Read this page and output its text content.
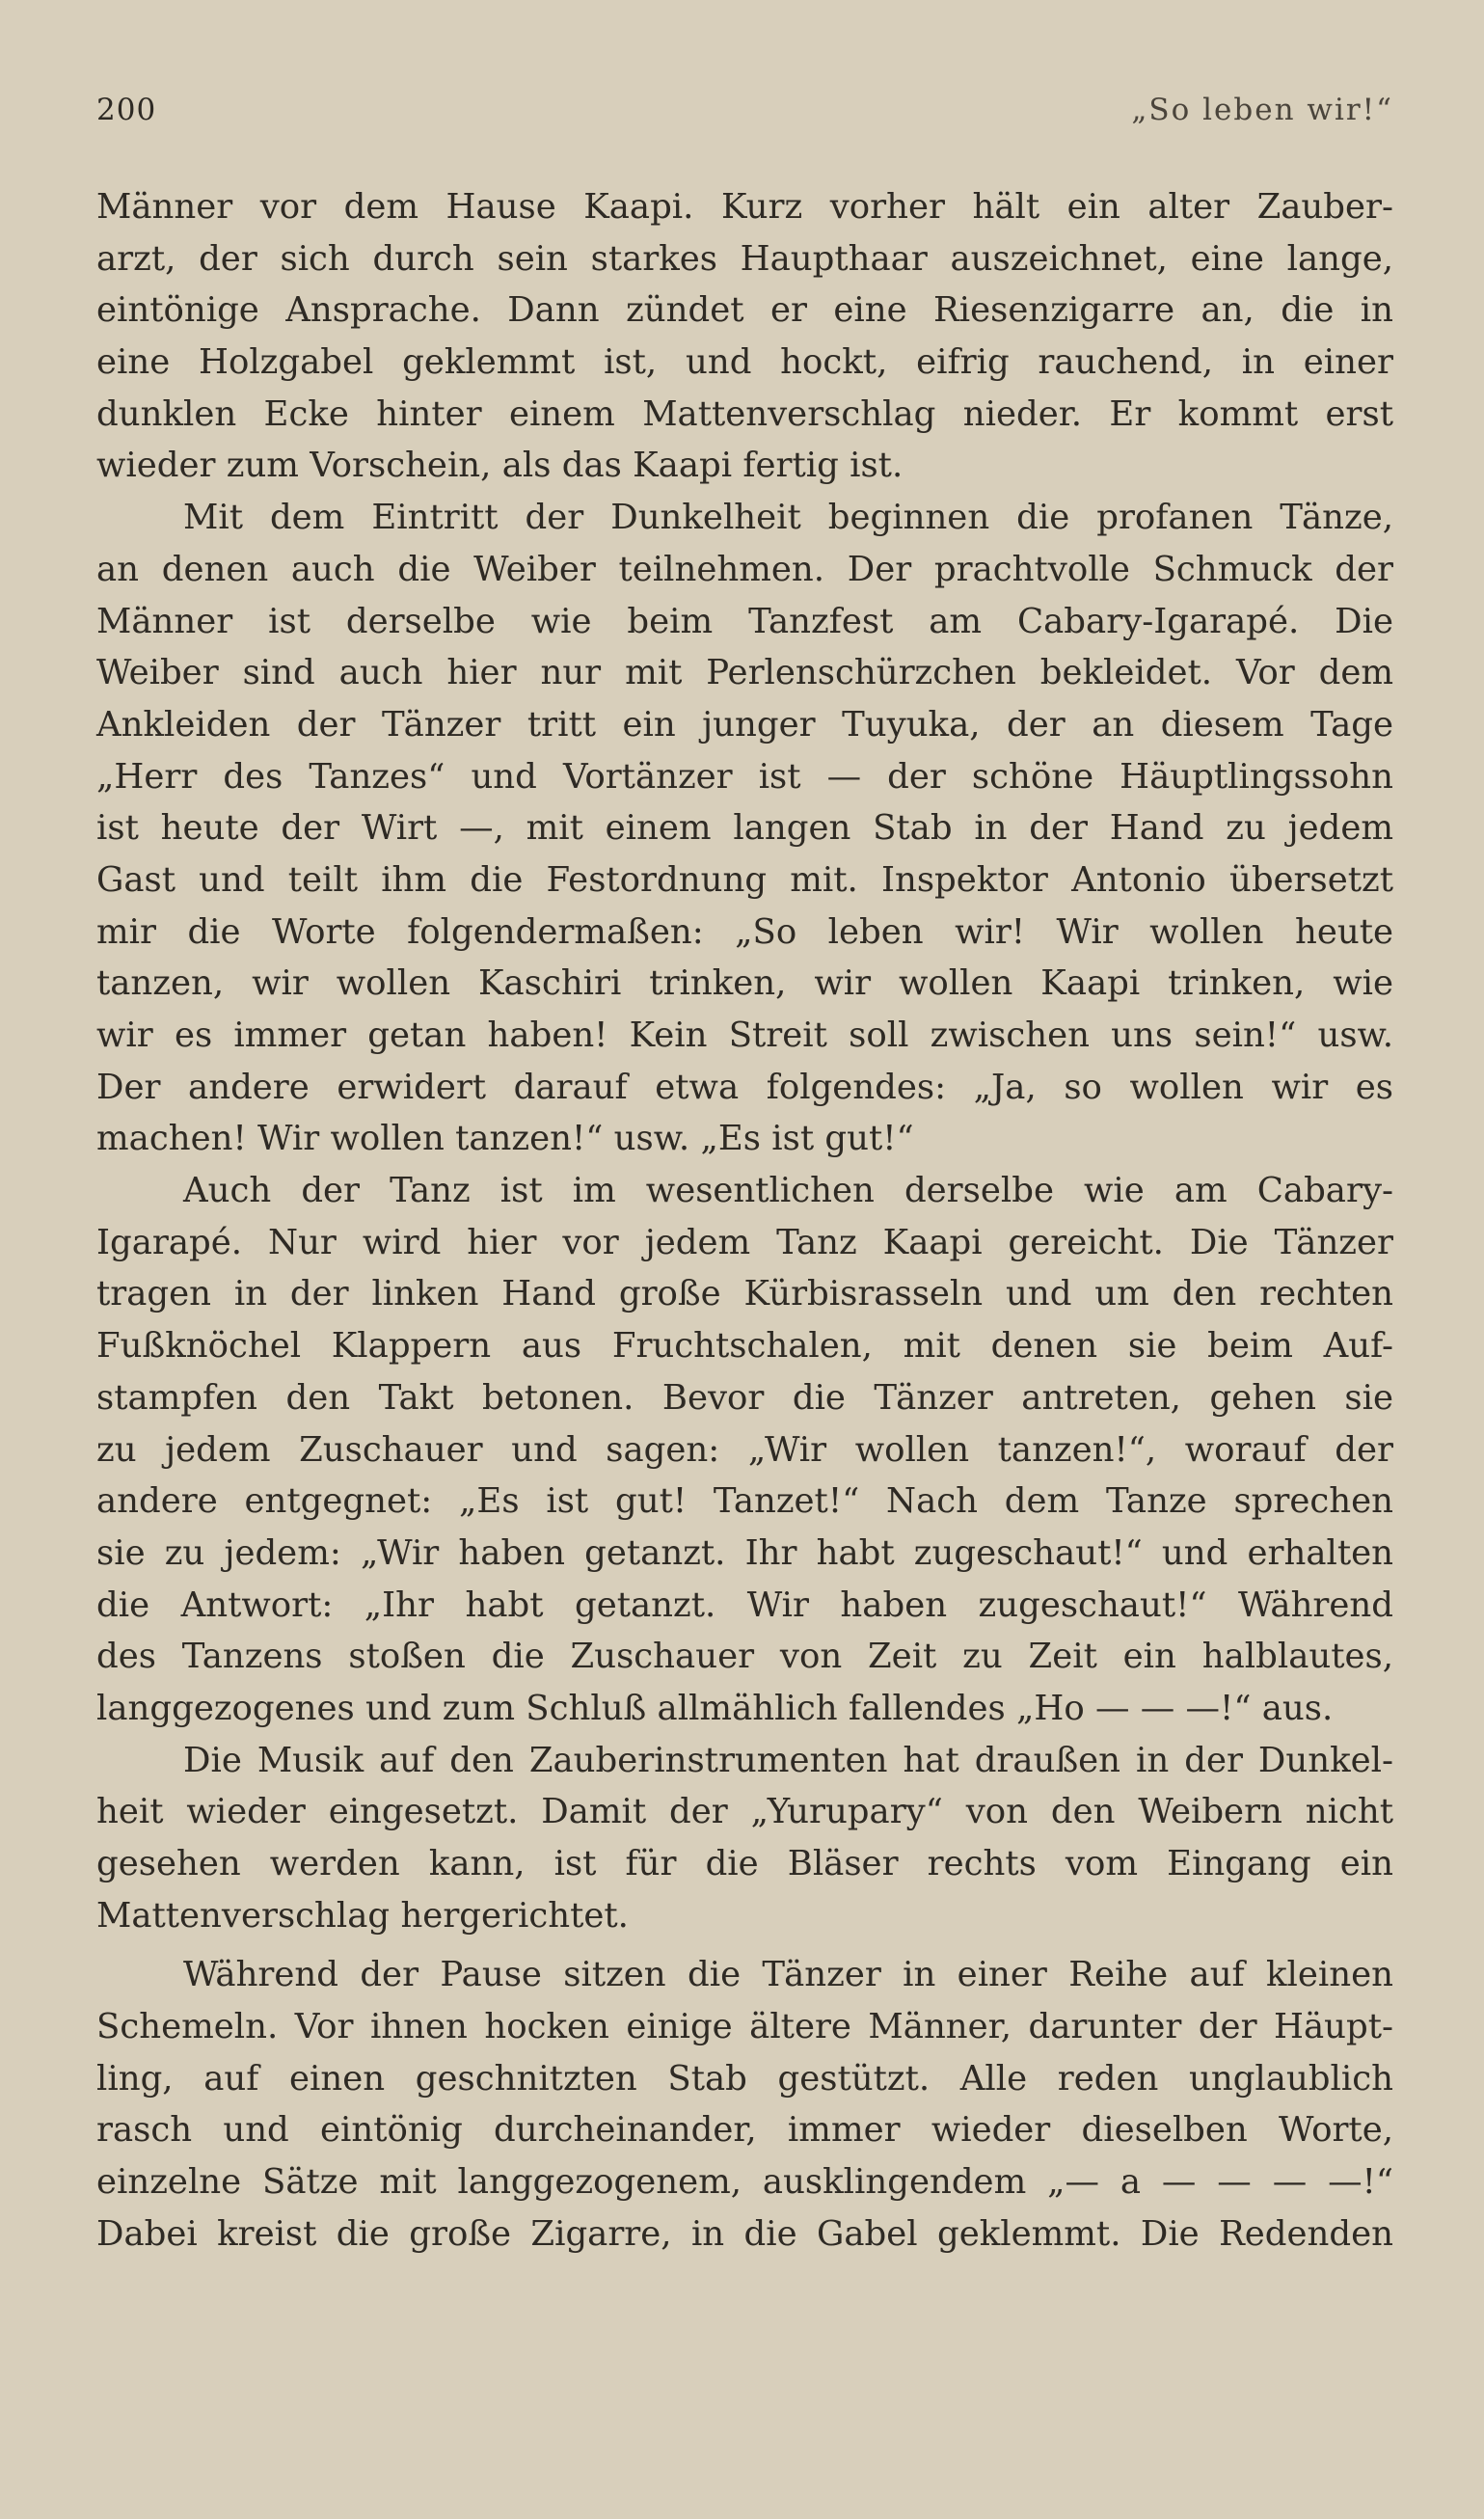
200	„So leben wir!“
Männer vor dem Hause Kaapi. Kurz vorher hält ein alter Zauber-
arzt, der sich durch sein starkes Haupthaar auszeichnet, eine lange,
eintönige Ansprache. Dann zündet er eine Riesenzigarre an, die in
eine Holzgabel geklemmt ist, und hockt, eifrig rauchend, in einer
dunklen Ecke hinter einem Mattenverschlag nieder. Er kommt erst
wieder zum Vorschein, als das Kaapi fertig ist.
Mit dem Eintritt der Dunkelheit beginnen die profanen Tänze,
an denen auch die Weiber teilnehmen. Der prachtvolle Schmuck der
Männer ist derselbe wie beim Tanzfest am Cabary-Igarapé. Die
Weiber sind auch hier nur mit Perlenschürzchen bekleidet. Vor dem
Ankleiden der Tänzer tritt ein junger Tuyuka, der an diesem Tage
„Herr des Tanzes“ und Vortänzer ist — der schöne Häuptlingssohn
ist heute der Wirt —, mit einem langen Stab in der Hand zu jedem
Gast und teilt ihm die Festordnung mit. Inspektor Antonio übersetzt
mir die Worte folgendermaßen: „So leben wir! Wir wollen heute
tanzen, wir wollen Kaschiri trinken, wir wollen Kaapi trinken, wie
wir es immer getan haben! Kein Streit soll zwischen uns sein!“ usw.
Der andere erwidert darauf etwa folgendes: „Ja, so wollen wir es
machen! Wir wollen tanzen!“ usw. „Es ist gut!“
Auch der Tanz ist im wesentlichen derselbe wie am Cabary-
Igarapé. Nur wird hier vor jedem Tanz Kaapi gereicht. Die Tänzer
tragen in der linken Hand große Kürbisrasseln und um den rechten
Fußknöchel Klappern aus Fruchtschalen, mit denen sie beim Auf-
stampfen den Takt betonen. Bevor die Tänzer antreten, gehen sie
zu jedem Zuschauer und sagen: „Wir wollen tanzen!“, worauf der
andere entgegnet: „Es ist gut! Tanzet!“ Nach dem Tanze sprechen
sie zu jedem: „Wir haben getanzt. Ihr habt zugeschaut!“ und erhalten
die Antwort: „Ihr habt getanzt. Wir haben zugeschaut!“ Während
des Tanzens stoßen die Zuschauer von Zeit zu Zeit ein halblautes,
langgezogenes und zum Schluß allmählich fallendes „Ho — — —!“ aus.
Die Musik auf den Zauberinstrumenten hat draußen in der Dunkel-
heit wieder eingesetzt. Damit der „Yurupary“ von den Weibern nicht
gesehen werden kann, ist für die Bläser rechts vom Eingang ein
Mattenverschlag hergerichtet.
Während der Pause sitzen die Tänzer in einer Reihe auf kleinen
Schemeln. Vor ihnen hocken einige ältere Männer, darunter der Häupt-
ling, auf einen geschnitzten Stab gestützt. Alle reden unglaublich
rasch und eintönig durcheinander, immer wieder dieselben Worte,
einzelne Sätze mit langgezogenem, ausklingendem „— a — — — —!“
Dabei kreist die große Zigarre, in die Gabel geklemmt. Die Redenden
